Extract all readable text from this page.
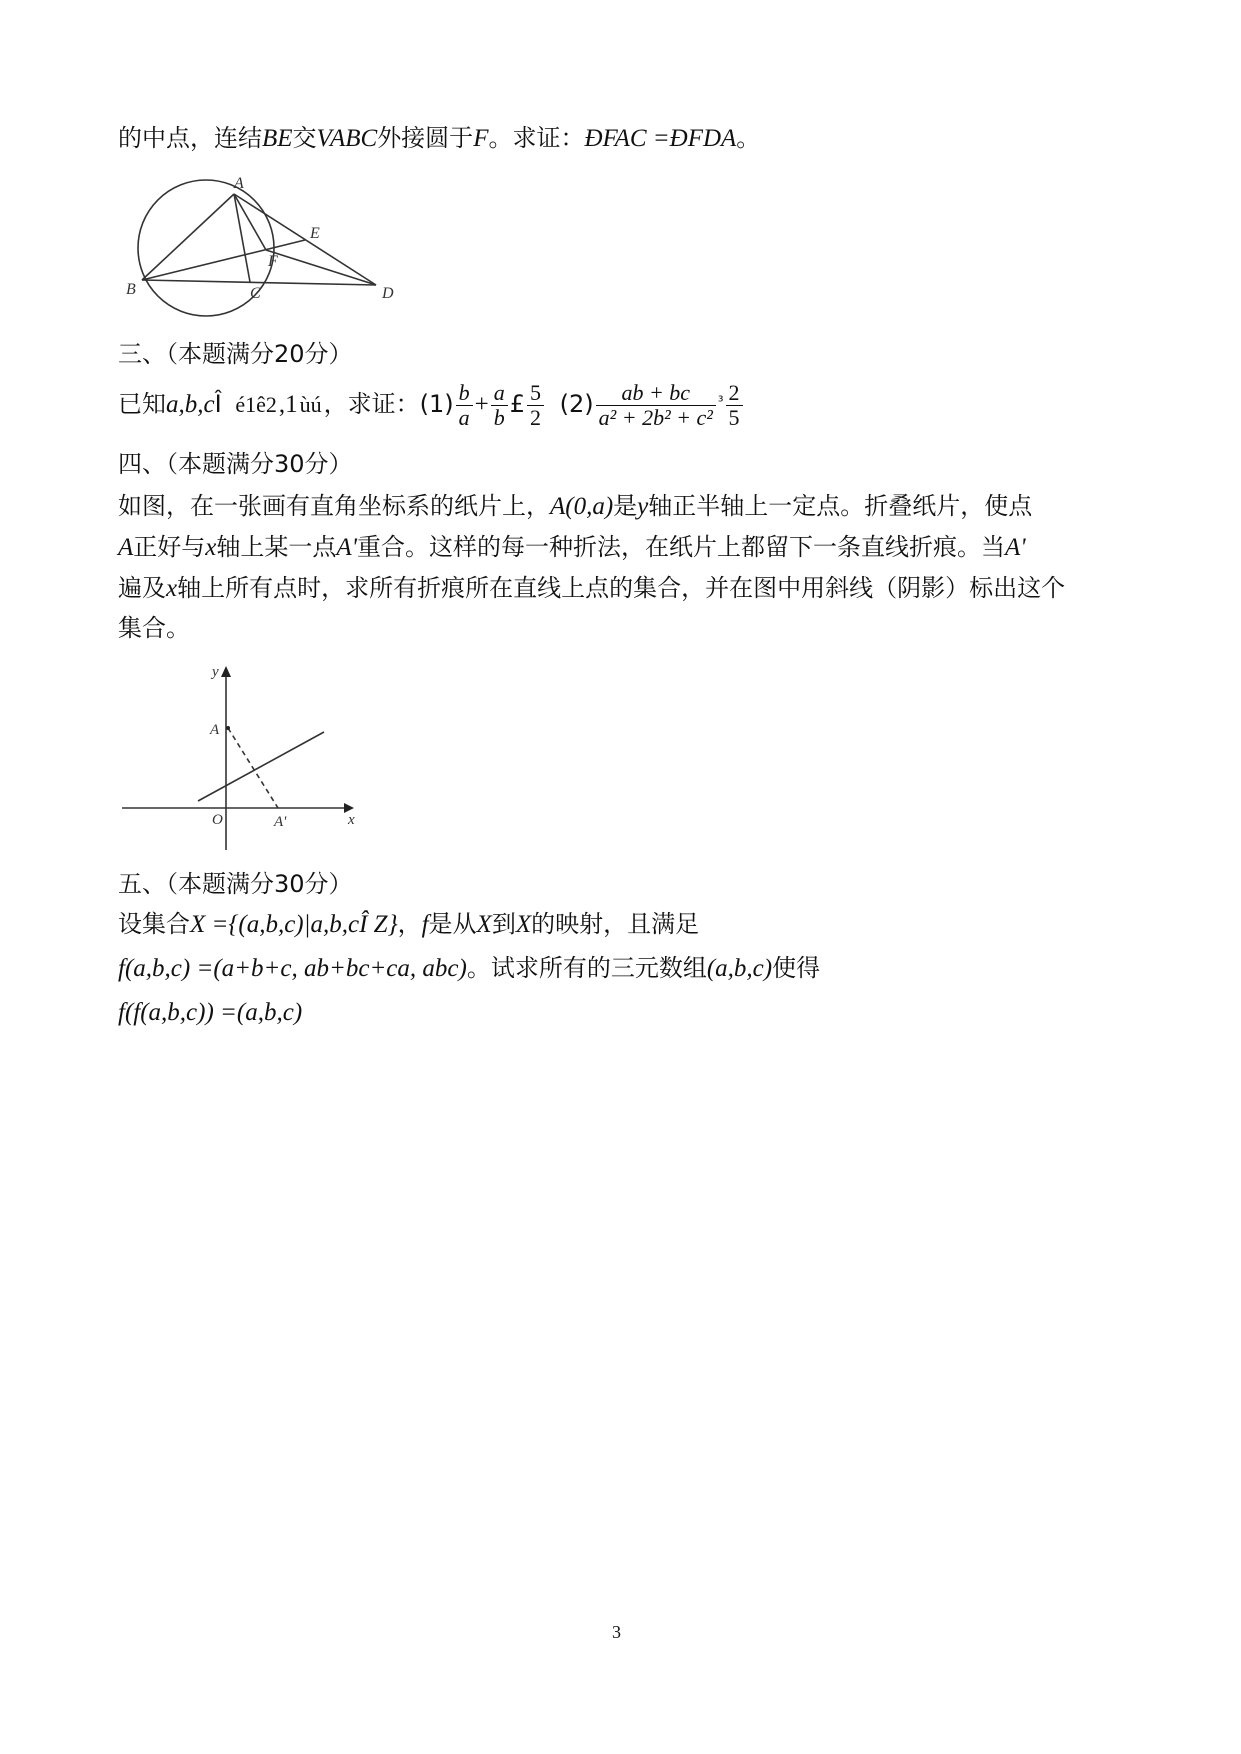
的中点，连结BE交VABC外接圆于F。求证：ÐFAC =ÐFDA。
A
B	C	D
E
F
三、（本题满分20分）
已知a,b,cÎ é1ê2,1ùú，求证：$(1) \frac{b}{a} + \frac{a}{b}$ £ $\frac{5}{2} (2) \frac{ab + bc}{\text{a² + 2b² + c²}} ^{^3} \frac{2}{5}$
四、（本题满分30分）
如图，在一张画有直角坐标系的纸片上，A(0,a)是y轴正半轴上一定点。折叠纸片，使点
A正好与x轴上某一点A'重合。这样的每一种折法，在纸片上都留下一条直线折痕。当A'
遍及x轴上所有点时，求所有折痕所在直线上点的集合，并在图中用斜线（阴影）标出这个
集合。
y
x
O
A
A'
五、（本题满分30分）
设集合X ={(a,b,c)|a,b,cÎ Z}，f是从X到X的映射，且满足
f(a,b,c) =(a+b+c, ab+bc+ca, abc)。试求所有的三元数组(a,b,c)使得
f(f(a,b,c)) =(a,b,c)
3
